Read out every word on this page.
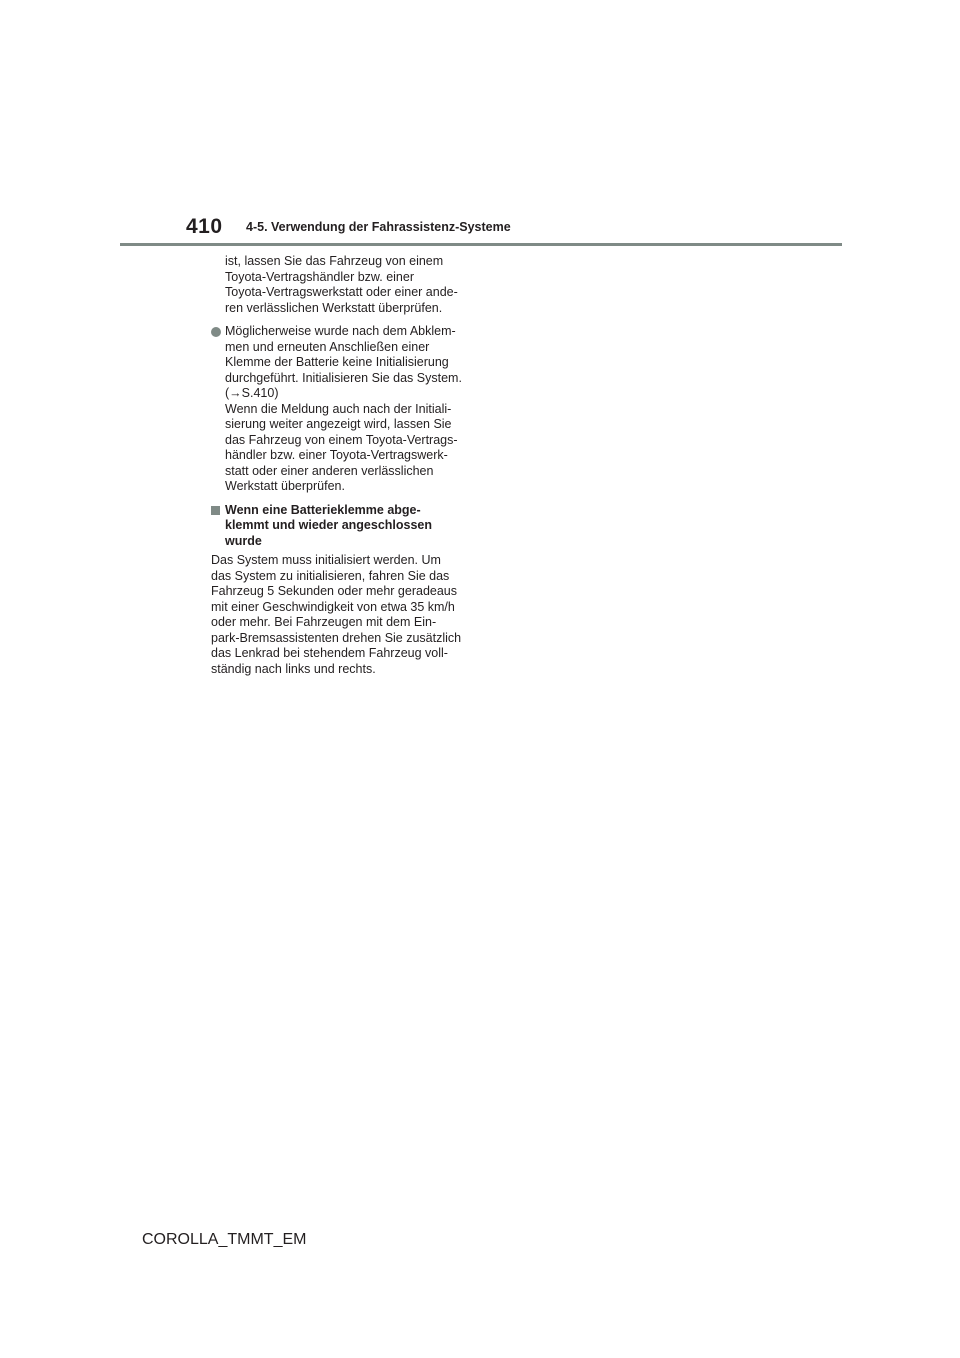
410 4-5. Verwendung der Fahrassistenz-Systeme
ist, lassen Sie das Fahrzeug von einem
Toyota-Vertragshändler bzw. einer
Toyota-Vertragswerkstatt oder einer ande-
ren verlässlichen Werkstatt überprüfen.
Möglicherweise wurde nach dem Abklem-
men und erneuten Anschließen einer
Klemme der Batterie keine Initialisierung
durchgeführt. Initialisieren Sie das System.
(→S.410)
Wenn die Meldung auch nach der Initiali-
sierung weiter angezeigt wird, lassen Sie
das Fahrzeug von einem Toyota-Vertrags-
händler bzw. einer Toyota-Vertragswerk-
statt oder einer anderen verlässlichen
Werkstatt überprüfen.
Wenn eine Batterieklemme abge-
klemmt und wieder angeschlossen
wurde
Das System muss initialisiert werden. Um
das System zu initialisieren, fahren Sie das
Fahrzeug 5 Sekunden oder mehr geradeaus
mit einer Geschwindigkeit von etwa 35 km/h
oder mehr. Bei Fahrzeugen mit dem Ein-
park-Bremsassistenten drehen Sie zusätzlich
das Lenkrad bei stehendem Fahrzeug voll-
ständig nach links und rechts.
COROLLA_TMMT_EM
